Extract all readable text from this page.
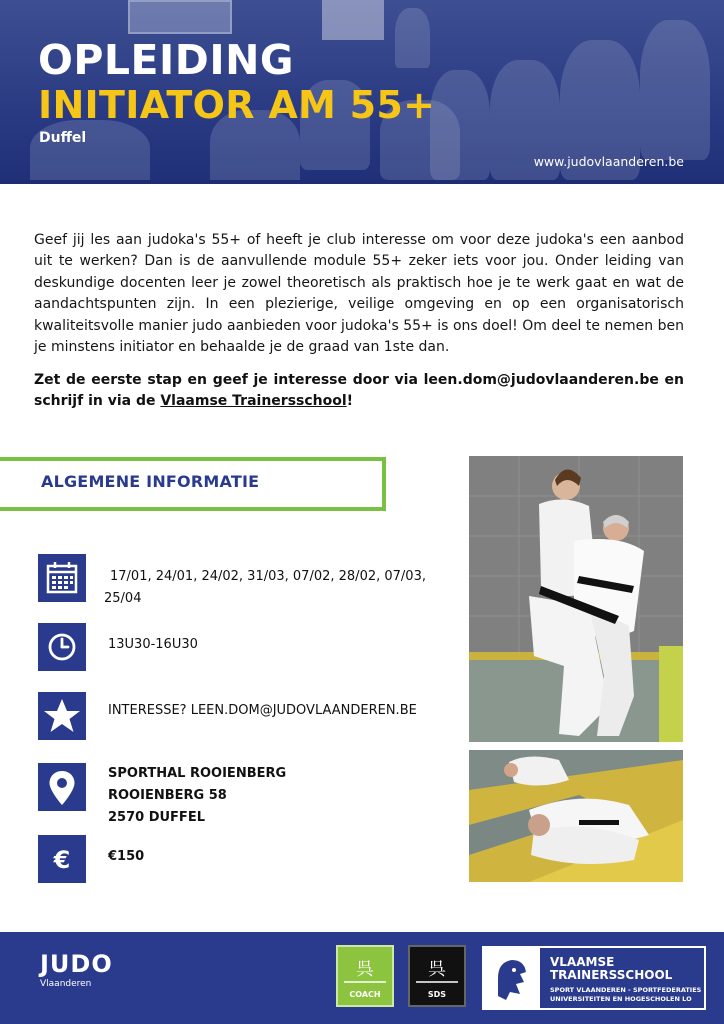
OPLEIDING
INITIATOR AM 55+
Duffel
www.judovlaanderen.be

Geef jij les aan judoka's 55+ of heeft je club interesse om voor deze judoka's een aanbod uit te werken? Dan is de aanvullende module 55+ zeker iets voor jou. Onder leiding van deskundige docenten leer je zowel theoretisch als praktisch hoe je te werk gaat en wat de aandachtspunten zijn. In een plezierige, veilige omgeving en op een organisatorisch kwaliteitsvolle manier judo aanbieden voor judoka's 55+ is ons doel! Om deel te nemen ben je minstens initiator en behaalde je de graad van 1ste dan.

Zet de eerste stap en geef je interesse door via leen.dom@judovlaanderen.be en schrijf in via de Vlaamse Trainersschool!

ALGEMENE INFORMATIE
17/01, 24/01, 24/02, 31/03, 07/02, 28/02, 07/03,
25/04
13U30-16U30
INTERESSE? LEEN.DOM@JUDOVLAANDEREN.BE
SPORTHAL ROOIENBERG
ROOIENBERG 58
2570 DUFFEL
€	€150
JUDO
Vlaanderen
呉
COACH
呉
SDS
VLAAMSE
TRAINERSSCHOOL
SPORT VLAANDEREN - SPORTFEDERATIES
UNIVERSITEITEN EN HOGESCHOLEN LO
